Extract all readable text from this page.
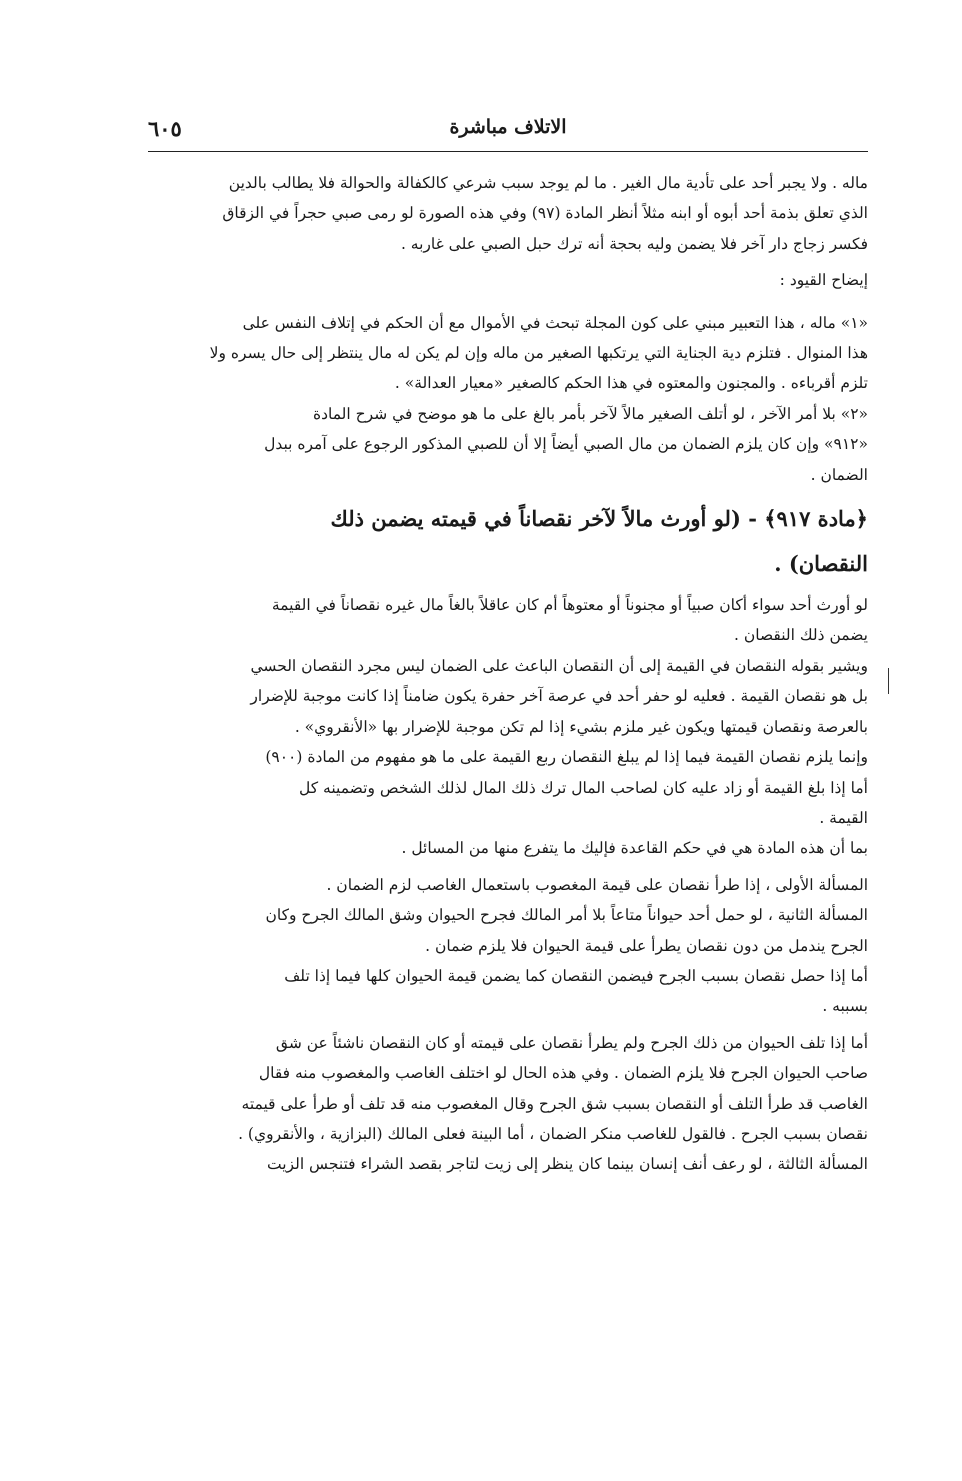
الاتلاف مباشرة
٦٠٥

ماله . ولا يجبر أحد على تأدية مال الغير . ما لم يوجد سبب شرعي كالكفالة والحوالة فلا يطالب بالدين

الذي تعلق بذمة أحد أبوه أو ابنه مثلاً أنظر المادة (٩٧) وفي هذه الصورة لو رمى صبي حجراً في الزقاق

فكسر زجاج دار آخر فلا يضمن وليه بحجة أنه ترك حبل الصبي على غاربه .

إيضاح القيود :

«١» ماله ، هذا التعبير مبني على كون المجلة تبحث في الأموال مع أن الحكم في إتلاف النفس على

هذا المنوال . فتلزم دية الجناية التي يرتكبها الصغير من ماله وإن لم يكن له مال ينتظر إلى حال يسره ولا

تلزم أقرباءه . والمجنون والمعتوه في هذا الحكم كالصغير «معيار العدالة» .

«٢» بلا أمر الآخر ، لو أتلف الصغير مالاً لآخر بأمر بالغ على ما هو موضح في شرح المادة

«٩١٢» وإن كان يلزم الضمان من مال الصبي أيضاً إلا أن للصبي المذكور الرجوع على آمره ببدل

الضمان .

﴿مادة ٩١٧﴾ - (لو أورث مالاً لآخر نقصاناً في قيمته يضمن ذلك

النقصان) .

لو أورث أحد سواء أكان صبياً أو مجنوناً أو معتوهاً أم كان عاقلاً بالغاً مال غيره نقصاناً في القيمة

يضمن ذلك النقصان .

ويشير بقوله النقصان في القيمة إلى أن النقصان الباعث على الضمان ليس مجرد النقصان الحسي

بل هو نقصان القيمة . فعليه لو حفر أحد في عرصة آخر حفرة يكون ضامناً إذا كانت موجبة للإضرار

بالعرصة ونقصان قيمتها ويكون غير ملزم بشيء إذا لم تكن موجبة للإضرار بها «الأنقروي» .

وإنما يلزم نقصان القيمة فيما إذا لم يبلغ النقصان ربع القيمة على ما هو مفهوم من المادة (٩٠٠)

أما إذا بلغ القيمة أو زاد عليه كان لصاحب المال ترك ذلك المال لذلك الشخص وتضمينه كل

القيمة .

بما أن هذه المادة هي في حكم القاعدة فإليك ما يتفرع منها من المسائل .

المسألة الأولى ، إذا طرأ نقصان على قيمة المغصوب باستعمال الغاصب لزم الضمان .

المسألة الثانية ، لو حمل أحد حيواناً متاعاً بلا أمر المالك فجرح الحيوان وشق المالك الجرح وكان

الجرح يندمل من دون نقصان يطرأ على قيمة الحيوان فلا يلزم ضمان .

أما إذا حصل نقصان بسبب الجرح فيضمن النقصان كما يضمن قيمة الحيوان كلها فيما إذا تلف

بسببه .

أما إذا تلف الحيوان من ذلك الجرح ولم يطرأ نقصان على قيمته أو كان النقصان ناشئاً عن شق

صاحب الحيوان الجرح فلا يلزم الضمان . وفي هذه الحال لو اختلف الغاصب والمغصوب منه فقال

الغاصب قد طرأ التلف أو النقصان بسبب شق الجرح وقال المغصوب منه قد تلف أو طرأ على قيمته

نقصان بسبب الجرح . فالقول للغاصب منكر الضمان ، أما البينة فعلى المالك (البزازية ، والأنقروي) .

المسألة الثالثة ، لو رعف أنف إنسان بينما كان ينظر إلى زيت لتاجر بقصد الشراء فتنجس الزيت
